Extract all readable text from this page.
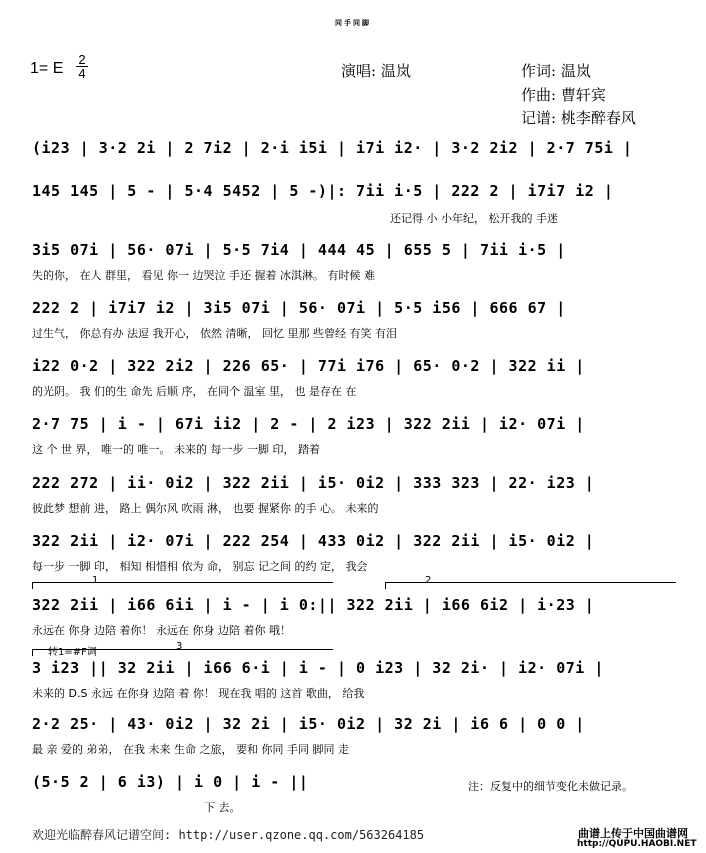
同手同脚
1= E
2
4	演唱: 温岚	作词: 温岚
作曲: 曹轩宾
记谱: 桃李醉春风
(i23 | 3·2 2i | 2 7i2 | 2·i i5i | i7i i2· | 3·2 2i2 | 2·7 75i |
145 145 | 5 - | 5·4 5452 | 5 -)|: 7ii i·5 | 222 2 | i7i7 i2 |
还记得 小 小年纪， 松开我的 手迷
3i5 07i | 56· 07i | 5·5 7i4 | 444 45 | 655 5 | 7ii i·5 |
失的你， 在人 群里， 看见 你一 边哭泣 手还 握着 冰淇淋。 有时候 难
222 2 | i7i7 i2 | 3i5 07i | 56· 07i | 5·5 i56 | 666 67 |
过生气， 你总有办 法逗 我开心， 依然 清晰， 回忆 里那 些曾经 有笑 有泪
i22 0·2 | 322 2i2 | 226 65· | 77i i76 | 65· 0·2 | 322 ii |
的光阴。 我 们的生 命先 后顺 序， 在同个 温室 里， 也 是存在 在
2·7 75 | i - | 67i ii2 | 2 - | 2 i23 | 322 2ii | i2· 07i |
这 个 世 界， 唯一的 唯一。 未来的 每一步 一脚 印， 踏着
222 272 | ii· 0i2 | 322 2ii | i5· 0i2 | 333 323 | 22· i23 |
彼此梦 想前 进， 路上 偶尔风 吹雨 淋， 也要 握紧你 的手 心。 未来的
322 2ii | i2· 07i | 222 254 | 433 0i2 | 322 2ii | i5· 0i2 |
每一步 一脚 印， 相知 相惜相 依为 命， 别忘 记之间 的约 定， 我会
1	2
322 2ii | i66 6ii | i - | i 0:|| 322 2ii | i66 6i2 | i·23 |
永远在 你身 边陪 着你！ 永远在 你身 边陪 着你 哦！
转1=#F调
3
3 i23 || 32 2ii | i66 6·i | i - | 0 i23 | 32 2i· | i2· 07i |
未来的 D.S 永远 在你身 边陪 着 你！ 现在我 唱的 这首 歌曲， 给我
2·2 25· | 43· 0i2 | 32 2i | i5· 0i2 | 32 2i | i6 6 | 0 0 |
最 亲 爱的 弟弟， 在我 未来 生命 之旅， 要和 你同 手同 脚同 走
(5·5 2 | 6 i3) | i 0 | i - ||
下 去。
注：反复中的细节变化未做记录。
欢迎光临醉春风记谱空间: http://user.qzone.qq.com/563264185	曲谱上传于中国曲谱网
http://QUPU.HAOBI.NET
